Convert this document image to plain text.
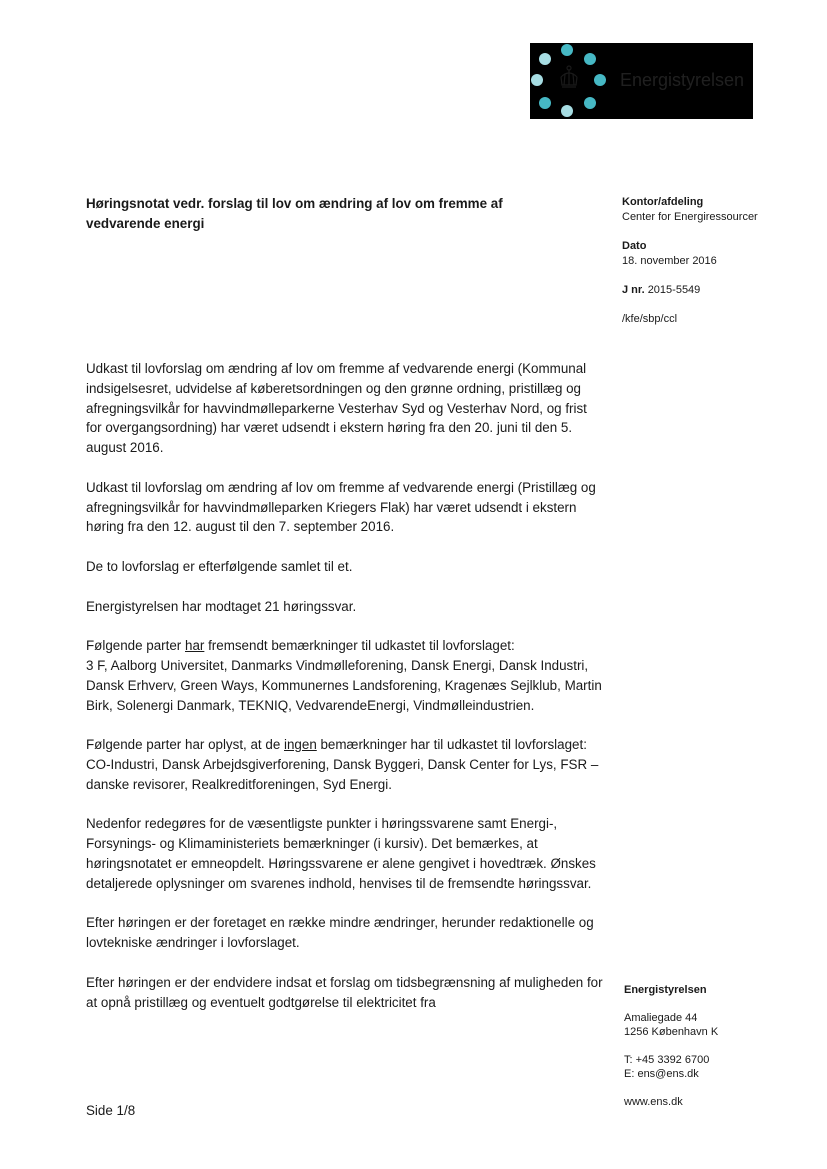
Energistyrelsen
Høringsnotat vedr. forslag til lov om ændring af lov om fremme af vedvarende energi
Kontor/afdeling
Center for Energiressourcer
Dato
18. november 2016
J nr. 2015-5549
/kfe/sbp/ccl

Udkast til lovforslag om ændring af lov om fremme af vedvarende energi (Kommunal indsigelsesret, udvidelse af køberetsordningen og den grønne ordning, pristillæg og afregningsvilkår for havvindmølleparkerne Vesterhav Syd og Vesterhav Nord, og frist for overgangsordning) har været udsendt i ekstern høring fra den 20. juni til den 5. august 2016.

Udkast til lovforslag om ændring af lov om fremme af vedvarende energi (Pristillæg og afregningsvilkår for havvindmølleparken Kriegers Flak) har været udsendt i ekstern høring fra den 12. august til den 7. september 2016.

De to lovforslag er efterfølgende samlet til et.

Energistyrelsen har modtaget 21 høringssvar.

Følgende parter har fremsendt bemærkninger til udkastet til lovforslaget:
3 F, Aalborg Universitet, Danmarks Vindmølleforening, Dansk Energi, Dansk Industri, Dansk Erhverv, Green Ways, Kommunernes Landsforening, Kragenæs Sejlklub, Martin Birk, Solenergi Danmark, TEKNIQ, VedvarendeEnergi, Vindmølleindustrien.

Følgende parter har oplyst, at de ingen bemærkninger har til udkastet til lovforslaget: CO-Industri, Dansk Arbejdsgiverforening, Dansk Byggeri, Dansk Center for Lys, FSR – danske revisorer, Realkreditforeningen, Syd Energi.

Nedenfor redegøres for de væsentligste punkter i høringssvarene samt Energi-, Forsynings- og Klimaministeriets bemærkninger (i kursiv). Det bemærkes, at høringsnotatet er emneopdelt. Høringssvarene er alene gengivet i hovedtræk. Ønskes detaljerede oplysninger om svarenes indhold, henvises til de fremsendte høringssvar.

Efter høringen er der foretaget en række mindre ændringer, herunder redaktionelle og lovtekniske ændringer i lovforslaget.

Efter høringen er der endvidere indsat et forslag om tidsbegrænsning af muligheden for at opnå pristillæg og eventuelt godtgørelse til elektricitet fra

Energistyrelsen
Amaliegade 44
1256 København K
T: +45 3392 6700
E: ens@ens.dk
www.ens.dk
Side 1/8
